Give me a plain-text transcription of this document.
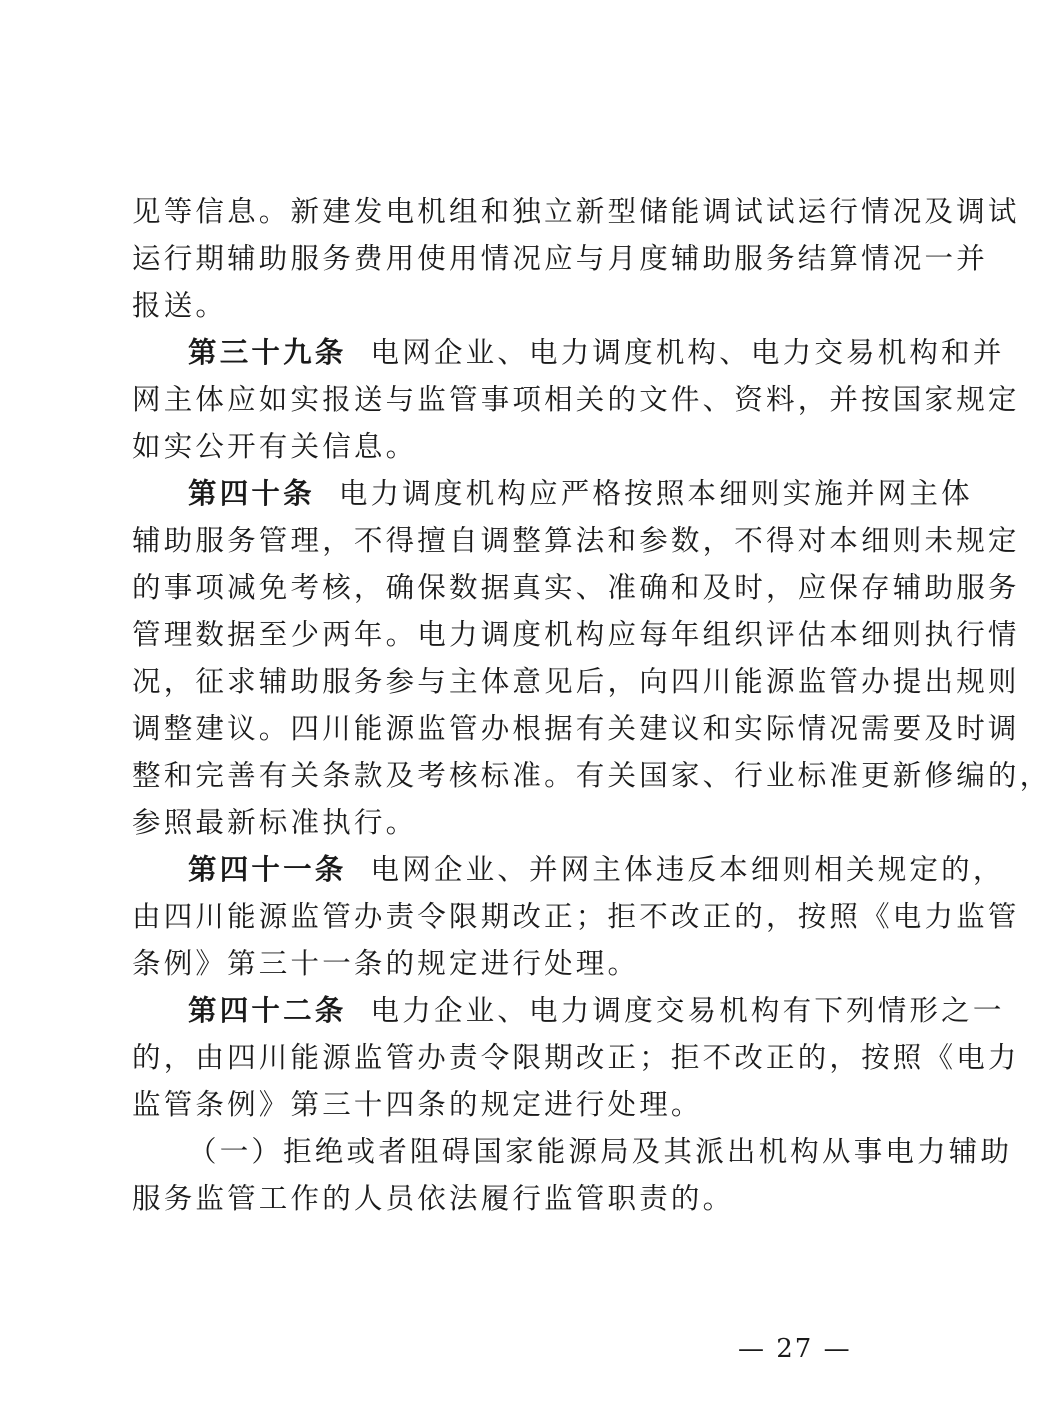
见等信息。新建发电机组和独立新型储能调试试运行情况及调试
运行期辅助服务费用使用情况应与月度辅助服务结算情况一并
报送。
第三十九条 电网企业、电力调度机构、电力交易机构和并
网主体应如实报送与监管事项相关的文件、资料，并按国家规定
如实公开有关信息。
第四十条 电力调度机构应严格按照本细则实施并网主体
辅助服务管理，不得擅自调整算法和参数，不得对本细则未规定
的事项减免考核，确保数据真实、准确和及时，应保存辅助服务
管理数据至少两年。电力调度机构应每年组织评估本细则执行情
况，征求辅助服务参与主体意见后，向四川能源监管办提出规则
调整建议。四川能源监管办根据有关建议和实际情况需要及时调
整和完善有关条款及考核标准。有关国家、行业标准更新修编的，
参照最新标准执行。
第四十一条 电网企业、并网主体违反本细则相关规定的，
由四川能源监管办责令限期改正；拒不改正的，按照《电力监管
条例》第三十一条的规定进行处理。
第四十二条 电力企业、电力调度交易机构有下列情形之一
的，由四川能源监管办责令限期改正；拒不改正的，按照《电力
监管条例》第三十四条的规定进行处理。
（一）拒绝或者阻碍国家能源局及其派出机构从事电力辅助
服务监管工作的人员依法履行监管职责的。
— 27 —
